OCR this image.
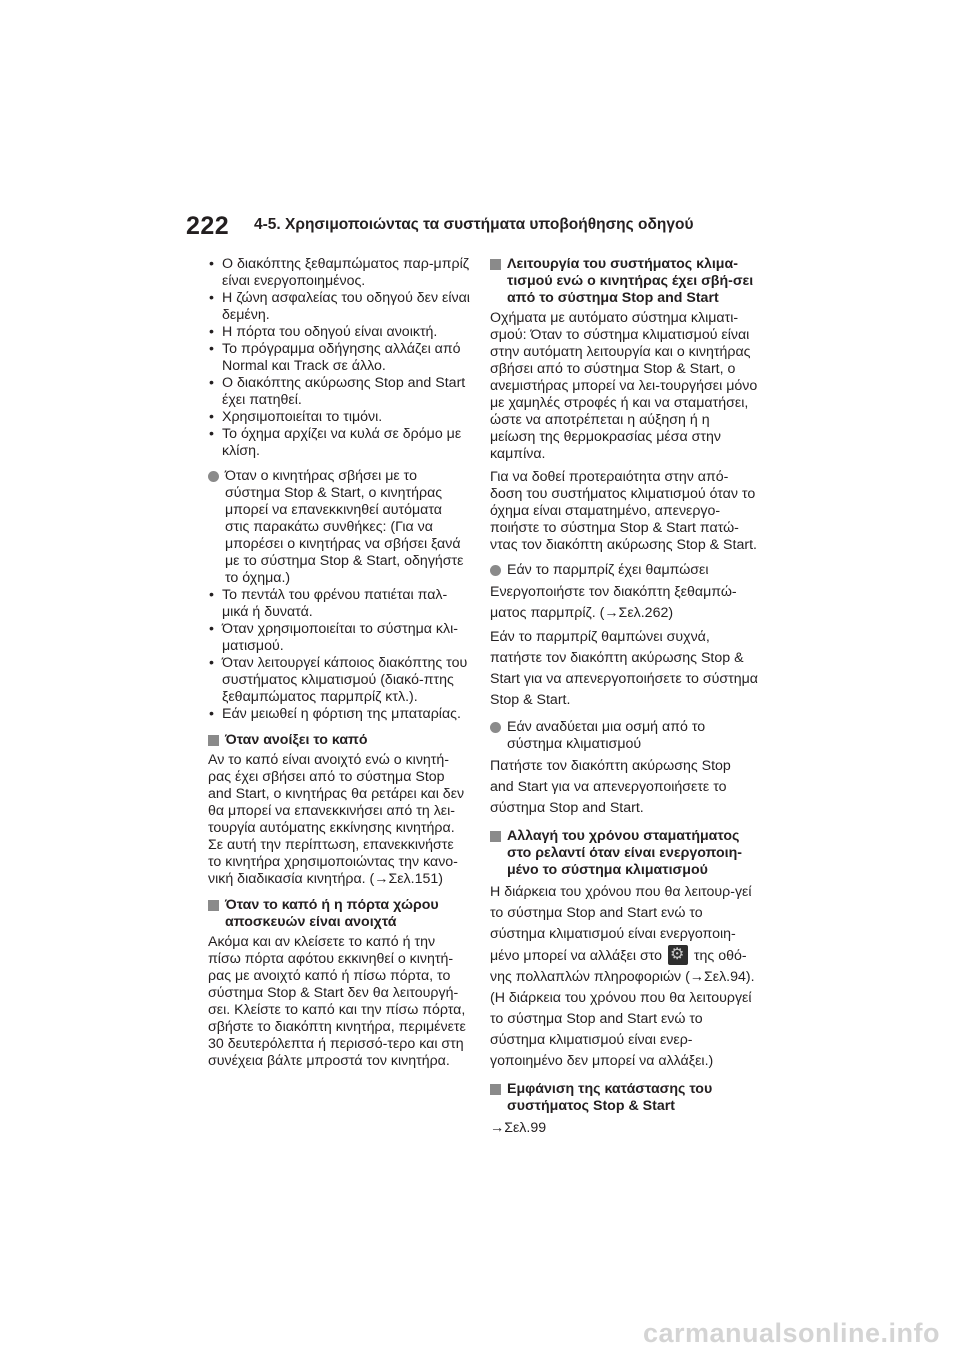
222 4-5. Χρησιμοποιώντας τα συστήματα υποβοήθησης οδηγού
• Ο διακόπτης ξεθαμπώματος παρ-μπρίζ είναι ενεργοποιημένος.
• Η ζώνη ασφαλείας του οδηγού δεν είναι δεμένη.
• Η πόρτα του οδηγού είναι ανοικτή.
• Το πρόγραμμα οδήγησης αλλάζει από Normal και Track σε άλλο.
• Ο διακόπτης ακύρωσης Stop and Start έχει πατηθεί.
• Χρησιμοποιείται το τιμόνι.
• Το όχημα αρχίζει να κυλά σε δρόμο με κλίση.
Όταν ο κινητήρας σβήσει με το σύστημα Stop & Start, ο κινητήρας μπορεί να επανεκκινηθεί αυτόματα στις παρακάτω συνθήκες: (Για να μπορέσει ο κινητήρας να σβήσει ξανά με το σύστημα Stop & Start, οδηγήστε το όχημα.)
• Το πεντάλ του φρένου πατιέται παλ-μικά ή δυνατά.
• Όταν χρησιμοποιείται το σύστημα κλι-ματισμού.
• Όταν λειτουργεί κάποιος διακόπτης του συστήματος κλιματισμού (διακό-πτης ξεθαμπώματος παρμπρίζ κτλ.).
• Εάν μειωθεί η φόρτιση της μπαταρίας.
Όταν ανοίξει το καπό
Αν το καπό είναι ανοιχτό ενώ ο κινητή-ρας έχει σβήσει από το σύστημα Stop and Start, ο κινητήρας θα ρετάρει και δεν θα μπορεί να επανεκκινήσει από τη λει-τουργία αυτόματης εκκίνησης κινητήρα. Σε αυτή την περίπτωση, επανεκκινήστε το κινητήρα χρησιμοποιώντας την κανο-νική διαδικασία κινητήρα. (→Σελ.151)
Όταν το καπό ή η πόρτα χώρου αποσκευών είναι ανοιχτά
Ακόμα και αν κλείσετε το καπό ή την πίσω πόρτα αφότου εκκινηθεί ο κινητή-ρας με ανοιχτό καπό ή πίσω πόρτα, το σύστημα Stop & Start δεν θα λειτουργή-σει. Κλείστε το καπό και την πίσω πόρτα, σβήστε το διακόπτη κινητήρα, περιμένετε 30 δευτερόλεπτα ή περισσό-τερο και στη συνέχεια βάλτε μπροστά τον κινητήρα.
Λειτουργία του συστήματος κλιμα-τισμού ενώ ο κινητήρας έχει σβή-σει από το σύστημα Stop and Start
Οχήματα με αυτόματο σύστημα κλιματι-σμού: Όταν το σύστημα κλιματισμού είναι στην αυτόματη λειτουργία και ο κινητήρας σβήσει από το σύστημα Stop & Start, ο ανεμιστήρας μπορεί να λει-τουργήσει μόνο με χαμηλές στροφές ή και να σταματήσει, ώστε να αποτρέπεται η αύξηση ή η μείωση της θερμοκρασίας μέσα στην καμπίνα.
Για να δοθεί προτεραιότητα στην από-δοση του συστήματος κλιματισμού όταν το όχημα είναι σταματημένο, απενεργο-ποιήστε το σύστημα Stop & Start πατώ-ντας τον διακόπτη ακύρωσης Stop & Start.
Εάν το παρμπρίζ έχει θαμπώσει
Ενεργοποιήστε τον διακόπτη ξεθαμπώ-ματος παρμπρίζ. (→Σελ.262)
Εάν το παρμπρίζ θαμπώνει συχνά, πατήστε τον διακόπτη ακύρωσης Stop & Start για να απενεργοποιήσετε το σύστημα Stop & Start.
Εάν αναδύεται μια οσμή από το σύστημα κλιματισμού
Πατήστε τον διακόπτη ακύρωσης Stop and Start για να απενεργοποιήσετε το σύστημα Stop and Start.
Αλλαγή του χρόνου σταματήματος στο ρελαντί όταν είναι ενεργοποιη-μένο το σύστημα κλιματισμού
Η διάρκεια του χρόνου που θα λειτουρ-γεί το σύστημα Stop and Start ενώ το σύστημα κλιματισμού είναι ενεργοποιη-μένο μπορεί να αλλάξει στο ⚙ της οθό-νης πολλαπλών πληροφοριών (→Σελ.94). (Η διάρκεια του χρόνου που θα λειτουργεί το σύστημα Stop and Start ενώ το σύστημα κλιματισμού είναι ενερ-γοποιημένο δεν μπορεί να αλλάξει.)
Εμφάνιση της κατάστασης του συστήματος Stop & Start
→Σελ.99
carmanualsonline.info
